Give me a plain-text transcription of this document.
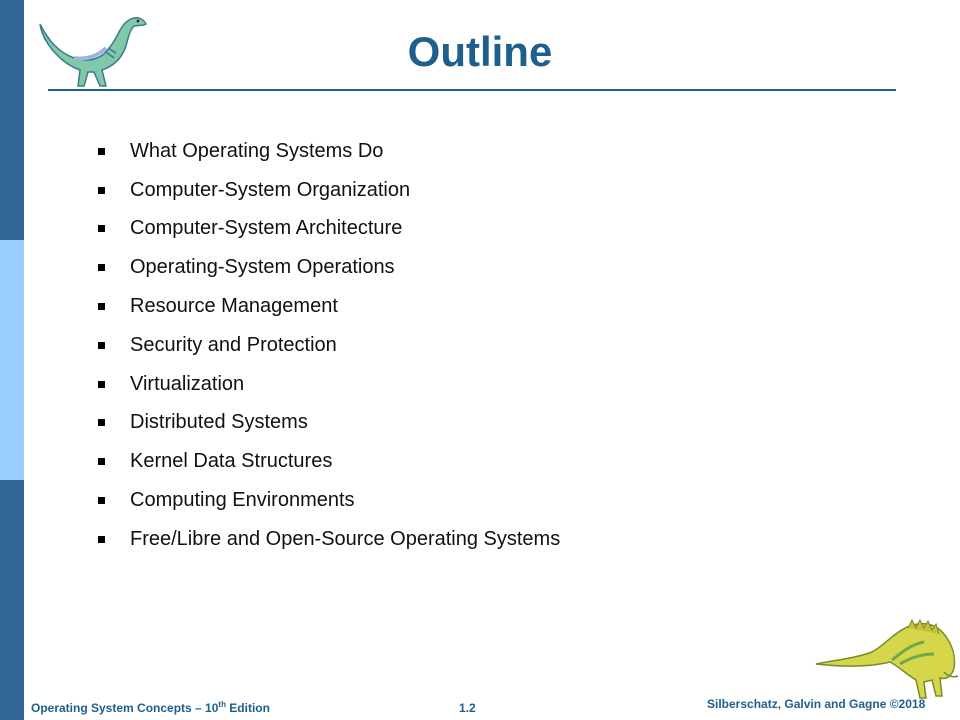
Outline
What Operating Systems Do
Computer-System Organization
Computer-System Architecture
Operating-System Operations
Resource Management
Security and Protection
Virtualization
Distributed Systems
Kernel Data Structures
Computing Environments
Free/Libre and Open-Source Operating Systems
Operating System Concepts – 10th Edition	1.2	Silberschatz, Galvin and Gagne ©2018
